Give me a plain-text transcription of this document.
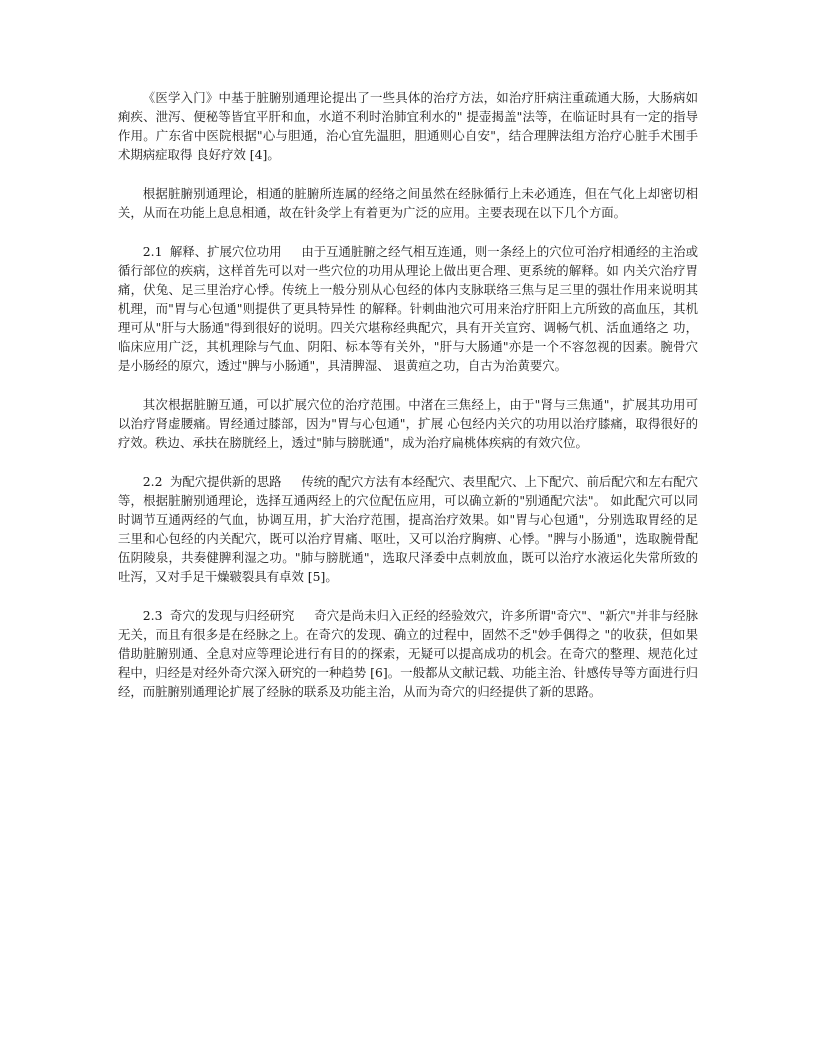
《医学入门》中基于脏腑别通理论提出了一些具体的治疗方法，如治疗肝病注重疏通大肠，大肠病如痢疾、泄泻、便秘等皆宜平肝和血，水道不利时治肺宜利水的" 提壶揭盖"法等，在临证时具有一定的指导作用。广东省中医院根据"心与胆通，治心宜先温胆，胆通则心自安"，结合理脾法组方治疗心脏手术围手术期病症取得 良好疗效 [4]。

根据脏腑别通理论，相通的脏腑所连属的经络之间虽然在经脉循行上未必通连，但在气化上却密切相关，从而在功能上息息相通，故在针灸学上有着更为广泛的应用。主要表现在以下几个方面。

2.1 解释、扩展穴位功用 由于互通脏腑之经气相互连通，则一条经上的穴位可治疗相通经的主治或循行部位的疾病，这样首先可以对一些穴位的功用从理论上做出更合理、更系统的解释。如 内关穴治疗胃痛，伏兔、足三里治疗心悸。传统上一般分别从心包经的体内支脉联络三焦与足三里的强壮作用来说明其机理，而"胃与心包通"则提供了更具特异性 的解释。针刺曲池穴可用来治疗肝阳上亢所致的高血压，其机理可从"肝与大肠通"得到很好的说明。四关穴堪称经典配穴，具有开关宣窍、调畅气机、活血通络之 功，临床应用广泛，其机理除与气血、阴阳、标本等有关外，"肝与大肠通"亦是一个不容忽视的因素。腕骨穴是小肠经的原穴，透过"脾与小肠通"，具清脾湿、 退黄疸之功，自古为治黄要穴。

其次根据脏腑互通，可以扩展穴位的治疗范围。中渚在三焦经上，由于"肾与三焦通"，扩展其功用可以治疗肾虚腰痛。胃经通过膝部，因为"胃与心包通"，扩展 心包经内关穴的功用以治疗膝痛，取得很好的疗效。秩边、承扶在膀胱经上，透过"肺与膀胱通"，成为治疗扁桃体疾病的有效穴位。

2.2 为配穴提供新的思路 传统的配穴方法有本经配穴、表里配穴、上下配穴、前后配穴和左右配穴等，根据脏腑别通理论，选择互通两经上的穴位配伍应用，可以确立新的"别通配穴法"。 如此配穴可以同时调节互通两经的气血，协调互用，扩大治疗范围，提高治疗效果。如"胃与心包通"，分别选取胃经的足三里和心包经的内关配穴，既可以治疗胃痛、呕吐，又可以治疗胸痹、心悸。"脾与小肠通"，选取腕骨配伍阴陵泉，共奏健脾利湿之功。"肺与膀胱通"，选取尺泽委中点刺放血，既可以治疗水液运化失常所致的吐泻，又对手足干燥皲裂具有卓效 [5]。

2.3 奇穴的发现与归经研究 奇穴是尚未归入正经的经验效穴，许多所谓"奇穴"、"新穴"并非与经脉无关，而且有很多是在经脉之上。在奇穴的发现、确立的过程中，固然不乏"妙手偶得之 "的收获，但如果借助脏腑别通、全息对应等理论进行有目的的探索，无疑可以提高成功的机会。在奇穴的整理、规范化过程中，归经是对经外奇穴深入研究的一种趋势 [6]。一般都从文献记载、功能主治、针感传导等方面进行归经，而脏腑别通理论扩展了经脉的联系及功能主治，从而为奇穴的归经提供了新的思路。
